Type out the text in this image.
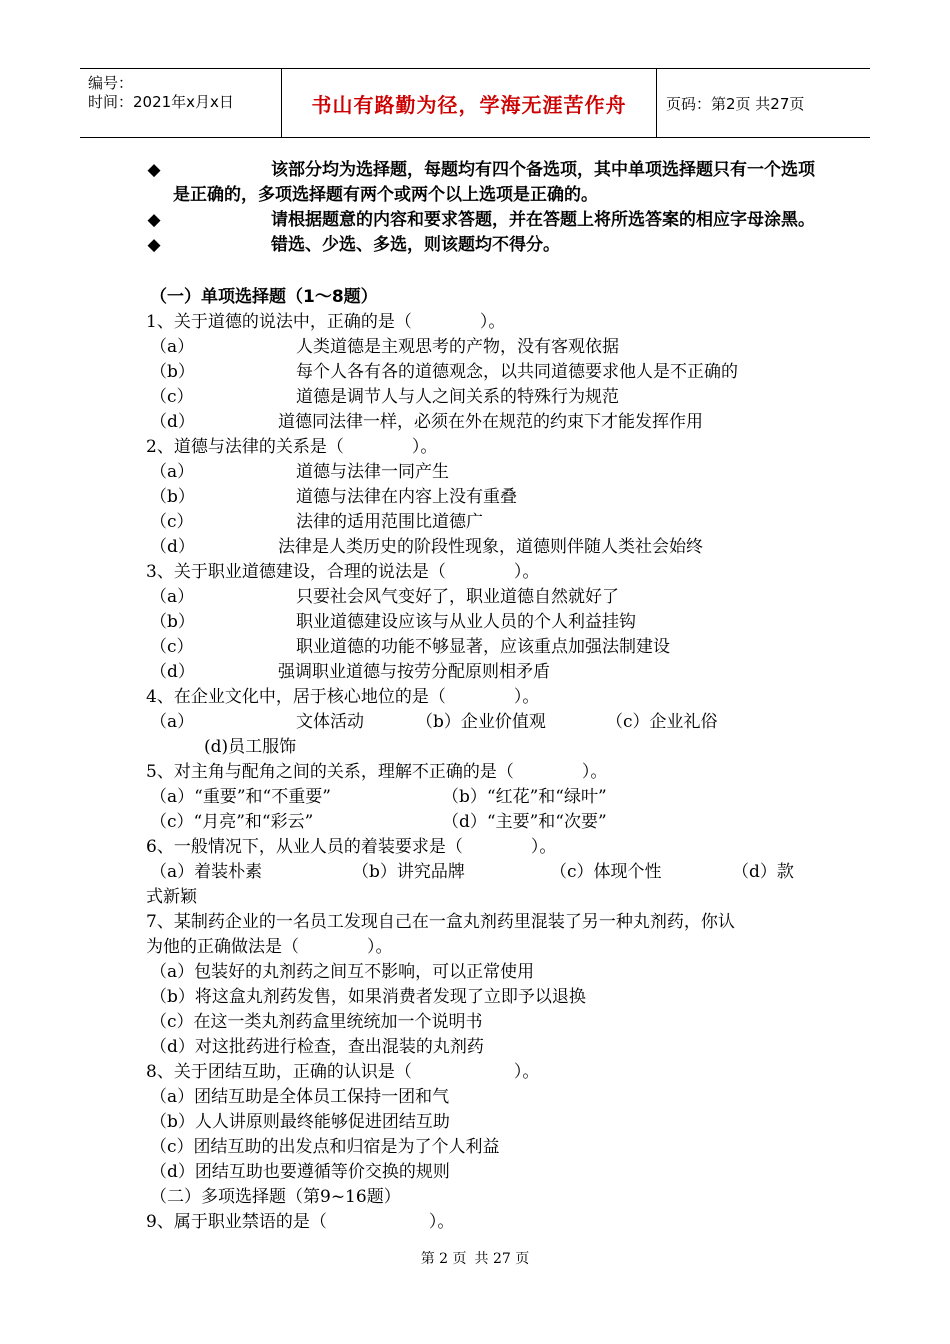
编号：
时间：2021年x月x日	书山有路勤为径，学海无涯苦作舟	页码：第2页 共27页
◆	该部分均为选择题，每题均有四个备选项，其中单项选择题只有一个选项是正确的，多项选择题有两个或两个以上选项是正确的。
◆	请根据题意的内容和要求答题，并在答题上将所选答案的相应字母涂黑。
◆	错选、少选、多选，则该题均不得分。
（一）单项选择题（1～8题）
1、关于道德的说法中，正确的是（　　　　）。
（a）	人类道德是主观思考的产物，没有客观依据
（b）	每个人各有各的道德观念，以共同道德要求他人是不正确的
（c）	道德是调节人与人之间关系的特殊行为规范
（d）	道德同法律一样，必须在外在规范的约束下才能发挥作用
2、道德与法律的关系是（　　　　）。
（a）	道德与法律一同产生
（b）	道德与法律在内容上没有重叠
（c）	法律的适用范围比道德广
（d）	法律是人类历史的阶段性现象，道德则伴随人类社会始终
3、关于职业道德建设，合理的说法是（　　　　）。
（a）	只要社会风气变好了，职业道德自然就好了
（b）	职业道德建设应该与从业人员的个人利益挂钩
（c）	职业道德的功能不够显著，应该重点加强法制建设
（d）	强调职业道德与按劳分配原则相矛盾
4、在企业文化中，居于核心地位的是（　　　　）。
（a）	文体活动	（b）企业价值观	（c）企业礼俗
(d)员工服饰
5、对主角与配角之间的关系，理解不正确的是（　　　　）。
（a）“重要”和“不重要”	（b）“红花”和“绿叶”
（c）“月亮”和“彩云”	（d）“主要”和“次要”
6、一般情况下，从业人员的着装要求是（　　　　）。
（a）着装朴素	（b）讲究品牌	（c）体现个性	（d）款
式新颖
7、某制药企业的一名员工发现自己在一盒丸剂药里混装了另一种丸剂药，你认
为他的正确做法是（　　　　）。
（a）包装好的丸剂药之间互不影响，可以正常使用
（b）将这盒丸剂药发售，如果消费者发现了立即予以退换
（c）在这一类丸剂药盒里统统加一个说明书
（d）对这批药进行检查，查出混装的丸剂药
8、关于团结互助，正确的认识是（　　　　　　）。
（a）团结互助是全体员工保持一团和气
（b）人人讲原则最终能够促进团结互助
（c）团结互助的出发点和归宿是为了个人利益
（d）团结互助也要遵循等价交换的规则
（二）多项选择题（第9~16题）
9、属于职业禁语的是（　　　　　　）。
第 2 页 共 27 页
